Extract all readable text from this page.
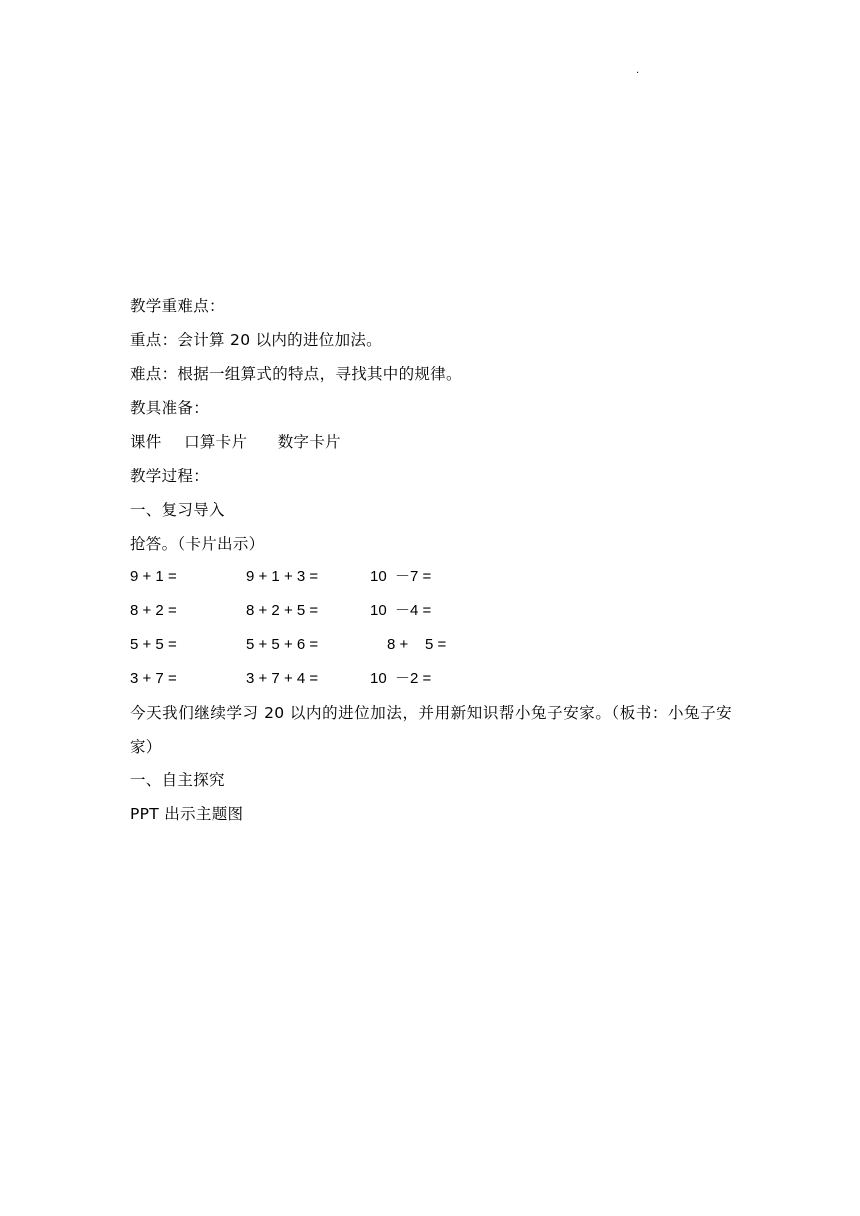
.
教学重难点：
重点：会计算 20 以内的进位加法。
难点：根据一组算式的特点，寻找其中的规律。
教具准备：
课件 口算卡片 数字卡片
教学过程：
一、复习导入
抢答。（卡片出示）
9 + 1 =	9 + 1 + 3 =	10  －7 =
8 + 2 =	8 + 2 + 5 =	10  －4 =
5 + 5 =	5 + 5 + 6 =	8 +    5 =
3 + 7 =	3 + 7 + 4 =	10  －2 =
今天我们继续学习 20 以内的进位加法，并用新知识帮小兔子安家。（板书：小兔子安家）
一、自主探究
PPT 出示主题图
